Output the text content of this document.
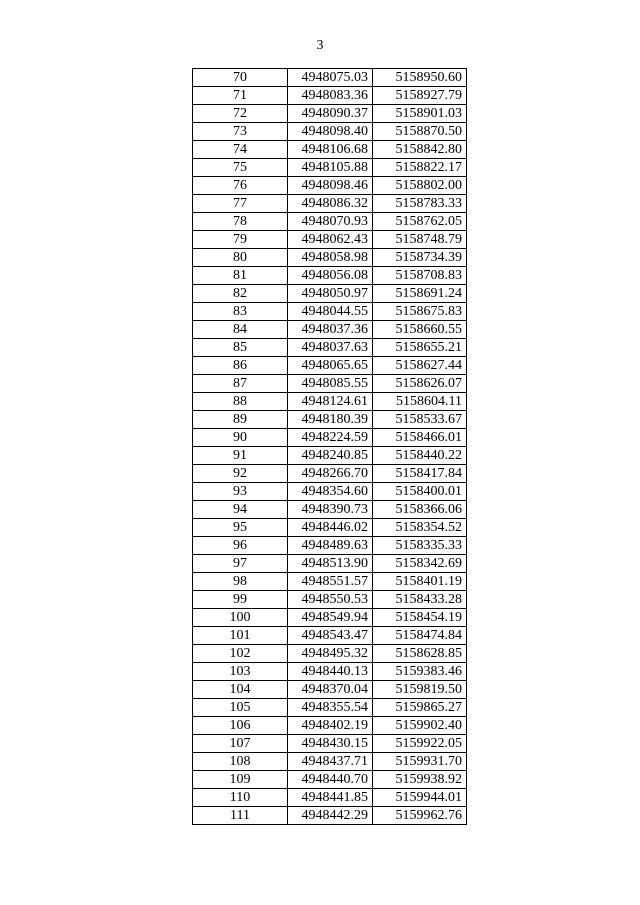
3
70	4948075.03	5158950.60
71	4948083.36	5158927.79
72	4948090.37	5158901.03
73	4948098.40	5158870.50
74	4948106.68	5158842.80
75	4948105.88	5158822.17
76	4948098.46	5158802.00
77	4948086.32	5158783.33
78	4948070.93	5158762.05
79	4948062.43	5158748.79
80	4948058.98	5158734.39
81	4948056.08	5158708.83
82	4948050.97	5158691.24
83	4948044.55	5158675.83
84	4948037.36	5158660.55
85	4948037.63	5158655.21
86	4948065.65	5158627.44
87	4948085.55	5158626.07
88	4948124.61	5158604.11
89	4948180.39	5158533.67
90	4948224.59	5158466.01
91	4948240.85	5158440.22
92	4948266.70	5158417.84
93	4948354.60	5158400.01
94	4948390.73	5158366.06
95	4948446.02	5158354.52
96	4948489.63	5158335.33
97	4948513.90	5158342.69
98	4948551.57	5158401.19
99	4948550.53	5158433.28
100	4948549.94	5158454.19
101	4948543.47	5158474.84
102	4948495.32	5158628.85
103	4948440.13	5159383.46
104	4948370.04	5159819.50
105	4948355.54	5159865.27
106	4948402.19	5159902.40
107	4948430.15	5159922.05
108	4948437.71	5159931.70
109	4948440.70	5159938.92
110	4948441.85	5159944.01
111	4948442.29	5159962.76
